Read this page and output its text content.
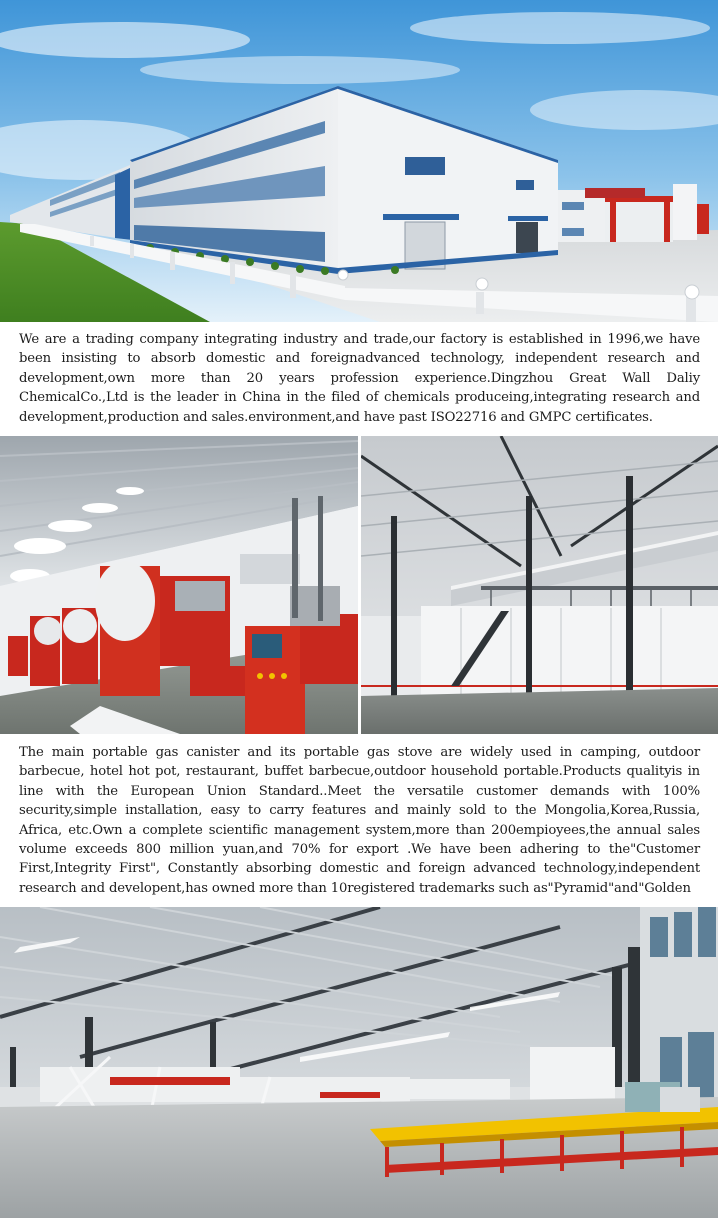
We are a trading company integrating industry and trade,our factory is established in 1996,we have been insisting to absorb domestic and foreignadvanced technology, independent research and development,own more than 20 years profession experience.Dingzhou Great Wall Daliy ChemicalCo.,Ltd is the leader in China in the filed of chemicals produceing,integrating research and development,production and sales.environment,and have past ISO22716 and GMPC certificates.
The main portable gas canister and its portable gas stove are widely used in camping, outdoor barbecue, hotel hot pot, restaurant, buffet barbecue,outdoor household portable.Products qualityis in line with the European Union Standard..Meet the versatile customer demands with 100% security,simple installation, easy to carry features and mainly sold to the Mongolia,Korea,Russia, Africa, etc.Own a complete scientific management system,more than 200empioyees,the annual sales volume exceeds 800 million yuan,and 70% for export .We have been adhering to the"Customer First,Integrity First", Constantly absorbing domestic and foreign advanced technology,independent research and developent,has owned more than 10registered trademarks such as"Pyramid"and"Golden
